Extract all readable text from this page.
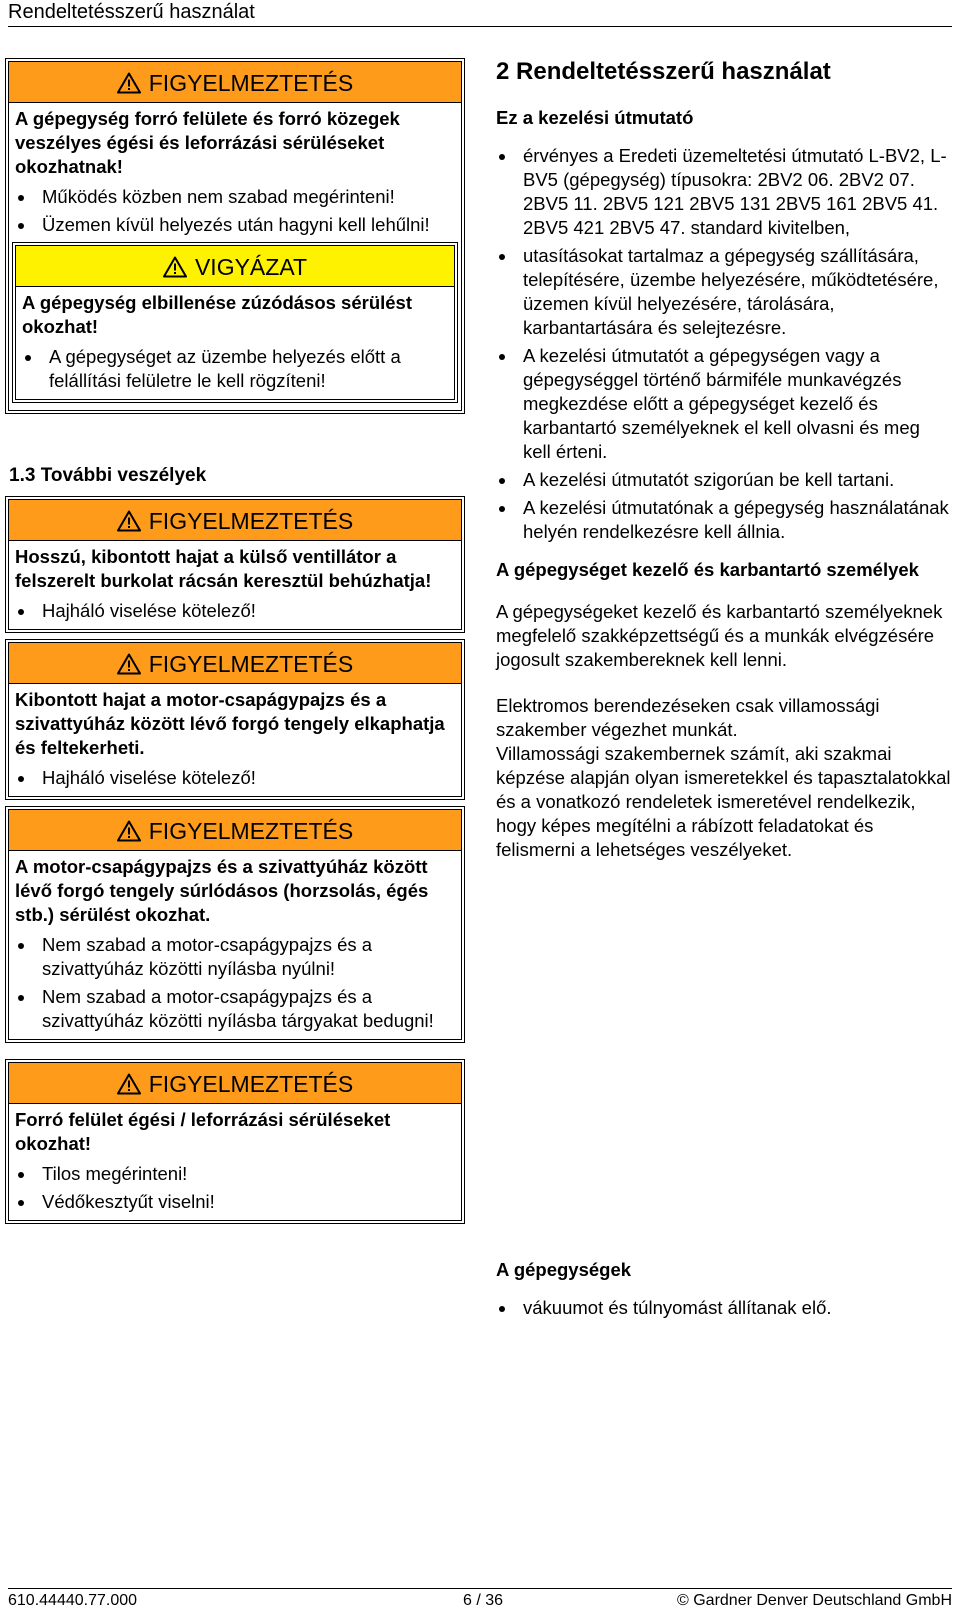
Rendeltetésszerű használat
FIGYELMEZTETÉS

A gépegység forró felülete és forró közegek veszélyes égési és leforrázási sérüléseket okozhatnak!

Működés közben nem szabad megérinteni!
Üzemen kívül helyezés után hagyni kell lehűlni!
VIGYÁZAT

A gépegység elbillenése zúzódásos sérülést okozhat!

A gépegységet az üzembe helyezés előtt a felállítási felületre le kell rögzíteni!

1.3 További veszélyek

FIGYELMEZTETÉS

Hosszú, kibontott hajat a külső ventillátor a felszerelt burkolat rácsán keresztül behúzhatja!

Hajháló viselése kötelező!
FIGYELMEZTETÉS

Kibontott hajat a motor-csapágypajzs és a szivattyúház között lévő forgó tengely elkaphatja és feltekerheti.

Hajháló viselése kötelező!
FIGYELMEZTETÉS

A motor-csapágypajzs és a szivattyúház között lévő forgó tengely súrlódásos (horzsolás, égés stb.) sérülést okozhat.

Nem szabad a motor-csapágypajzs és a szivattyúház közötti nyílásba nyúlni!
Nem szabad a motor-csapágypajzs és a szivattyúház közötti nyílásba tárgyakat bedugni!
FIGYELMEZTETÉS

Forró felület égési / leforrázási sérüléseket okozhat!

Tilos megérinteni!
Védőkesztyűt viselni!

2 Rendeltetésszerű használat

Ez a kezelési útmutató

érvényes a Eredeti üzemeltetési útmutató L-BV2, L-BV5 (gépegység) típusokra: 2BV2 06. 2BV2 07. 2BV5 11. 2BV5 121 2BV5 131 2BV5 161 2BV5 41. 2BV5 421 2BV5 47. standard kivitelben,
utasításokat tartalmaz a gépegység szállítására, telepítésére, üzembe helyezésére, működtetésére, üzemen kívül helyezésére, tárolására, karbantartására és selejtezésre.
A kezelési útmutatót a gépegységen vagy a gépegységgel történő bármiféle munkavégzés megkezdése előtt a gépegységet kezelő és karbantartó személyeknek el kell olvasni és meg kell érteni.
A kezelési útmutatót szigorúan be kell tartani.
A kezelési útmutatónak a gépegység használatának helyén rendelkezésre kell állnia.

A gépegységet kezelő és karbantartó személyek

A gépegységeket kezelő és karbantartó személyeknek megfelelő szakképzettségű és a munkák elvégzésére jogosult szakembereknek kell lenni.

Elektromos berendezéseken csak villamossági szakember végezhet munkát.

Villamossági szakembernek számít, aki szakmai képzése alapján olyan ismeretekkel és tapasztalatokkal és a vonatkozó rendeletek ismeretével rendelkezik, hogy képes megítélni a rábízott feladatokat és felismerni a lehetséges veszélyeket.

A gépegységek

vákuumot és túlnyomást állítanak elő.
610.44440.77.000	6 / 36	© Gardner Denver Deutschland GmbH
